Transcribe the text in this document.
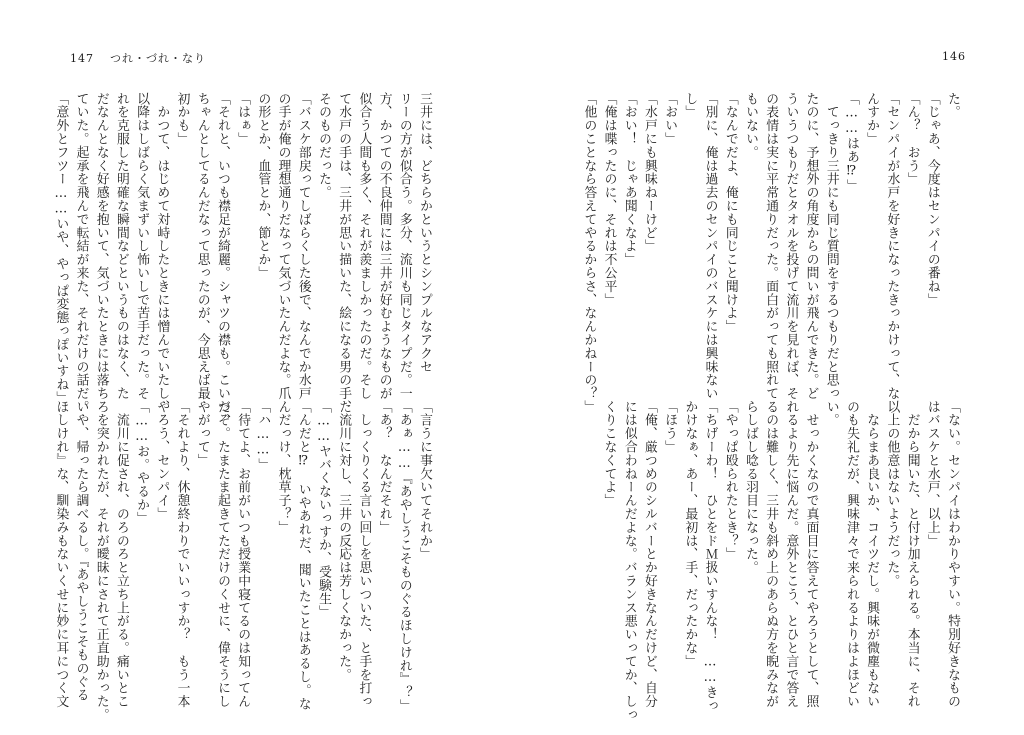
147 つれ・づれ・なり
三井には、どちらかというとシンプルなアクセ
リーの方が似合う。多分、流川も同じタイプだ。一
方、かつての不良仲間には三井が好むようなものが
似合う人間も多く、それが羨ましかったのだ。そし
て水戸の手は、三井が思い描いた、絵になる男の手、
そのものだった。
「バスケ部戻ってしばらくした後で、なんでか水戸
の手が俺の理想通りだなって気づいたんだよな。爪
の形とか、血管とか、節とか」
「はぁ」
「それと、いつも襟足が綺麗。シャツの襟も。こいつ、
ちゃんとしてるんだなって思ったのが、今思えば最
初かも」
　かつて、はじめて対峙したときには憎んでいたし、
以降はしばらく気まずいし怖いしで苦手だった。そ
れを克服した明確な瞬間などというものはなく、た
だなんとなく好感を抱いて、気づいたときには落ち
ていた。起承を飛んで転結が来た、それだけの話だ。
「意外とフツー……いや、やっぱ変態っぽいすね」
「言うに事欠いてそれか」
「あぁ……『あやしうこそものぐるほしけれ』？」
「あ？　なんだそれ」
　しっくりくる言い回しを思いついた、と手を打っ
た流川に対し、三井の反応は芳しくなかった。
「……ヤバくないっすか、受験生」
「んだと⁉　いやあれだ、聞いたことはあるし。な
んだっけ、枕草子？」
「ハ……」
「待てよ、お前がいつも授業中寝てるのは知ってん
だぞ。たまたま起きてただけのくせに、偉そうにし
やがって」
「それより、休憩終わりでいいっすか？　もう一本
やろう、センパイ」
「……お。やるか」
　流川に促され、のろのろと立ち上がる。痛いとこ
ろを突かれたが、それが曖昧にされて正直助かった。
いや、帰ったら調べるし。『あやしうこそものぐる
ほしけれ』な、馴染みもないくせに妙に耳につく文
146
た。
「じゃあ、今度はセンパイの番ね」
「ん？　おう」
「センパイが水戸を好きになったきっかけって、な
んすか」
「……はあ⁉」
　てっきり三井にも同じ質問をするつもりだと思っ
たのに、予想外の角度からの問いが飛んできた。ど
ういうつもりだとタオルを投げて流川を見れば、そ
の表情は実に平常通りだった。面白がっても照れて
もいない。
「なんでだよ、俺にも同じこと聞けよ」
「別に、俺は過去のセンパイのバスケには興味ない
し」
「おい」
「水戸にも興味ねーけど」
「おい！　じゃあ聞くなよ」
「俺は喋ったのに、それは不公平」
「他のことなら答えてやるからさ、なんかねーの？」
「ない。センパイはわかりやすい。特別好きなもの
はバスケと水戸、以上」
　だから聞いた、と付け加えられる。本当に、それ
以上の他意はないようだった。
　ならまあ良いか、コイツだし。興味が微塵もない
のも失礼だが、興味津々で来られるよりはよほどい
い。
　せっかくなので真面目に答えてやろうとして、照
れるより先に悩んだ。意外とこう、とひと言で答え
るのは難しく、三井も斜め上のあらぬ方を睨みなが
らしばし唸る羽目になった。
「やっぱ殴られたとき？」
「ちげーわ！　ひとをドＭ扱いすんな！　……きっ
かけなぁ、あー、最初は、手、だったかな」
「ほう」
「俺、厳つめのシルバーとか好きなんだけど、自分
には似合わねーんだよな。バランス悪いってか、しっ
くりこなくてよ」
